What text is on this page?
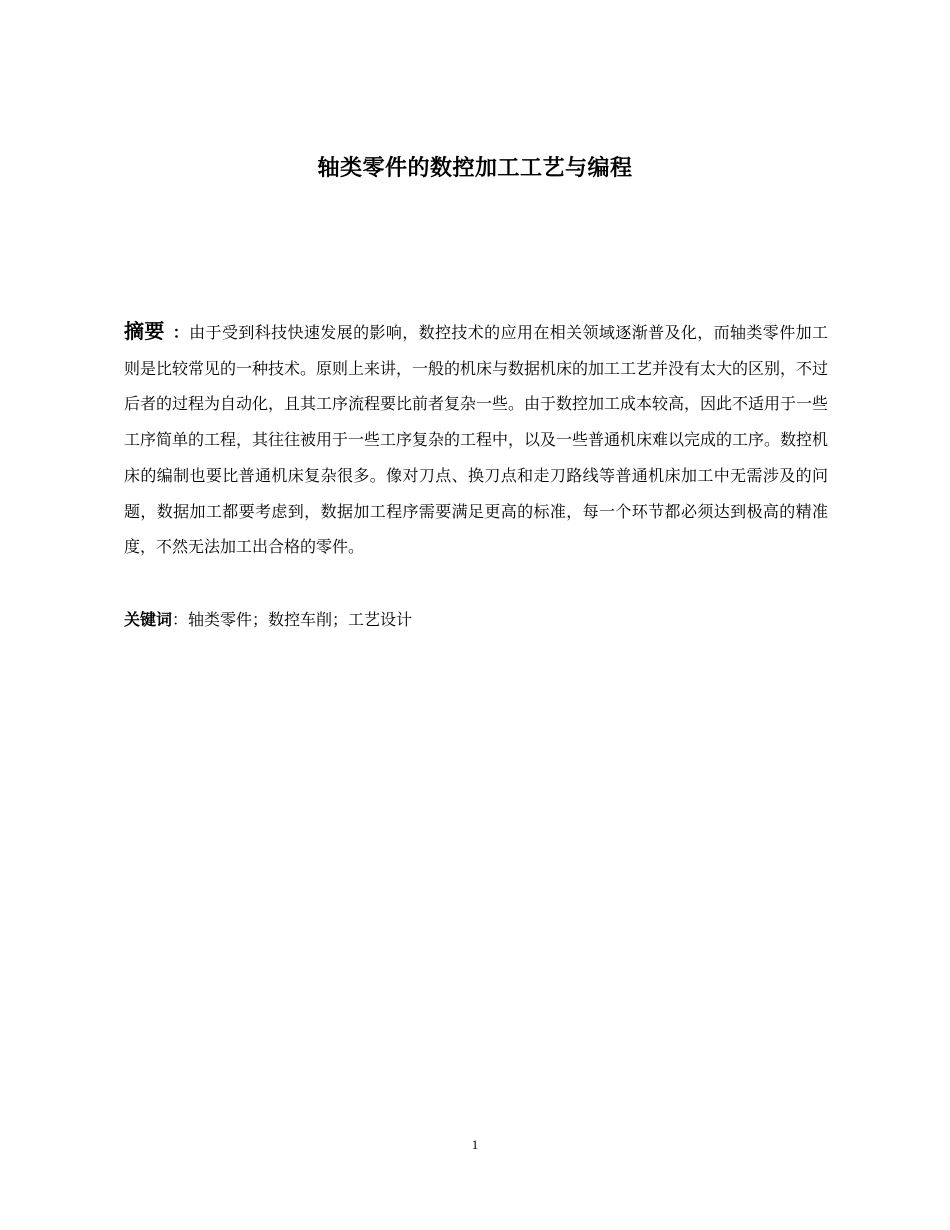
轴类零件的数控加工工艺与编程

摘要 ：由于受到科技快速发展的影响，数控技术的应用在相关领域逐渐普及化，而轴类零件加工则是比较常见的一种技术。原则上来讲，一般的机床与数据机床的加工工艺并没有太大的区别，不过后者的过程为自动化，且其工序流程要比前者复杂一些。由于数控加工成本较高，因此不适用于一些工序简单的工程，其往往被用于一些工序复杂的工程中，以及一些普通机床难以完成的工序。数控机床的编制也要比普通机床复杂很多。像对刀点、换刀点和走刀路线等普通机床加工中无需涉及的问题，数据加工都要考虑到，数据加工程序需要满足更高的标准，每一个环节都必须达到极高的精准度，不然无法加工出合格的零件。

关键词：轴类零件；数控车削；工艺设计
1
